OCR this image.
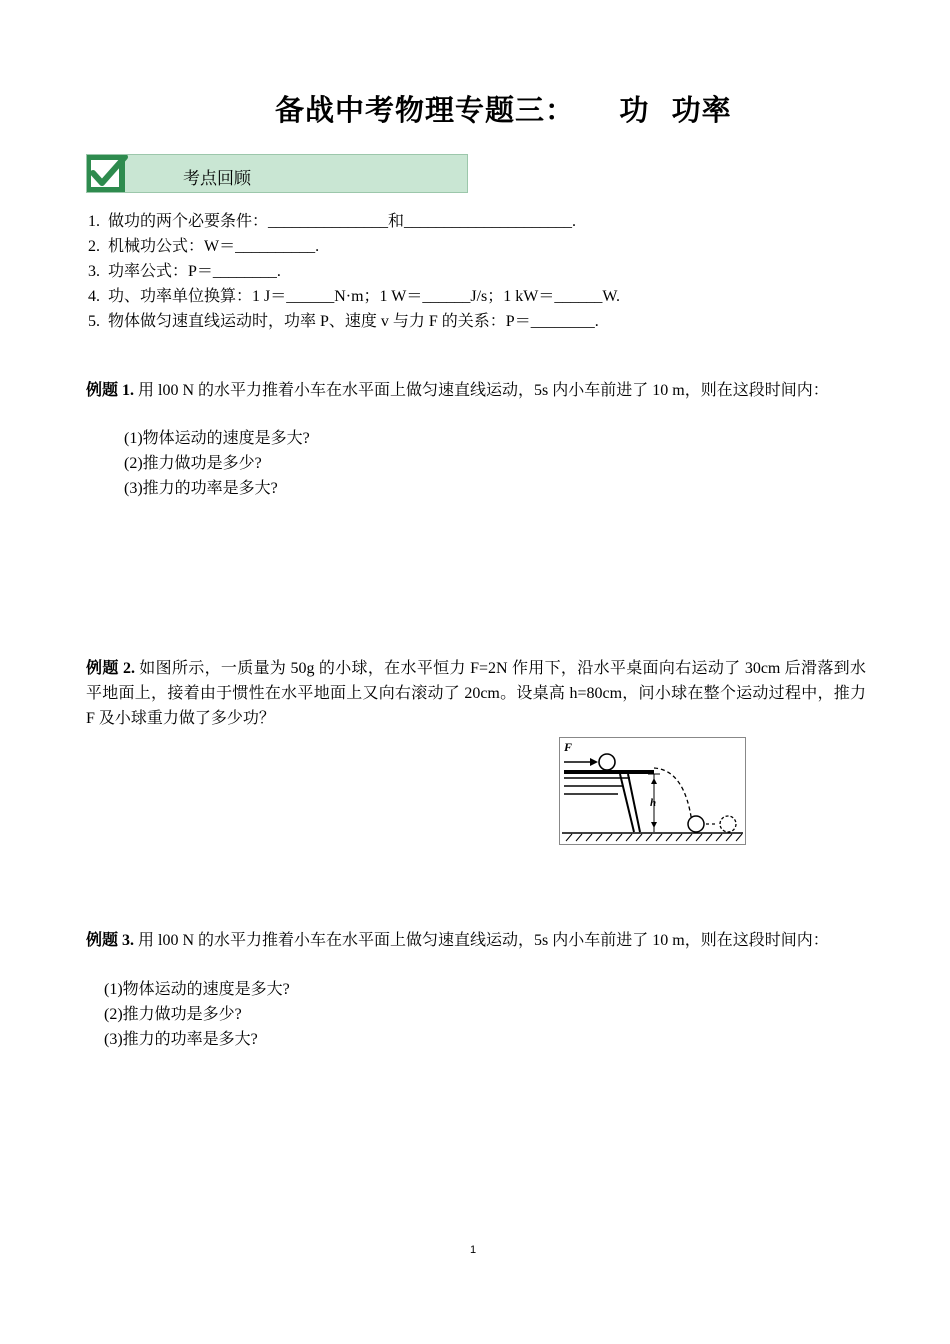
备战中考物理专题三：    功  功率
考点回顾
1.  做功的两个必要条件：_______________和_____________________.
2.  机械功公式：W＝__________.
3.  功率公式：P＝________.
4.  功、功率单位换算：1 J＝______N·m；1 W＝______J/s；1 kW＝______W.
5.  物体做匀速直线运动时，功率 P、速度 v 与力 F 的关系：P＝________.
例题 1. 用 l00 N 的水平力推着小车在水平面上做匀速直线运动，5s 内小车前进了 10 m，则在这段时间内：
(1)物体运动的速度是多大?
(2)推力做功是多少?
(3)推力的功率是多大?
例题 2. 如图所示，一质量为 50g 的小球，在水平恒力 F=2N 作用下，沿水平桌面向右运动了 30cm 后滑落到水平地面上，接着由于惯性在水平地面上又向右滚动了 20cm。设桌高 h=80cm，问小球在整个运动过程中，推力 F 及小球重力做了多少功？
F
h
例题 3. 用 l00 N 的水平力推着小车在水平面上做匀速直线运动，5s 内小车前进了 10 m，则在这段时间内：
(1)物体运动的速度是多大?
(2)推力做功是多少?
(3)推力的功率是多大?
1
